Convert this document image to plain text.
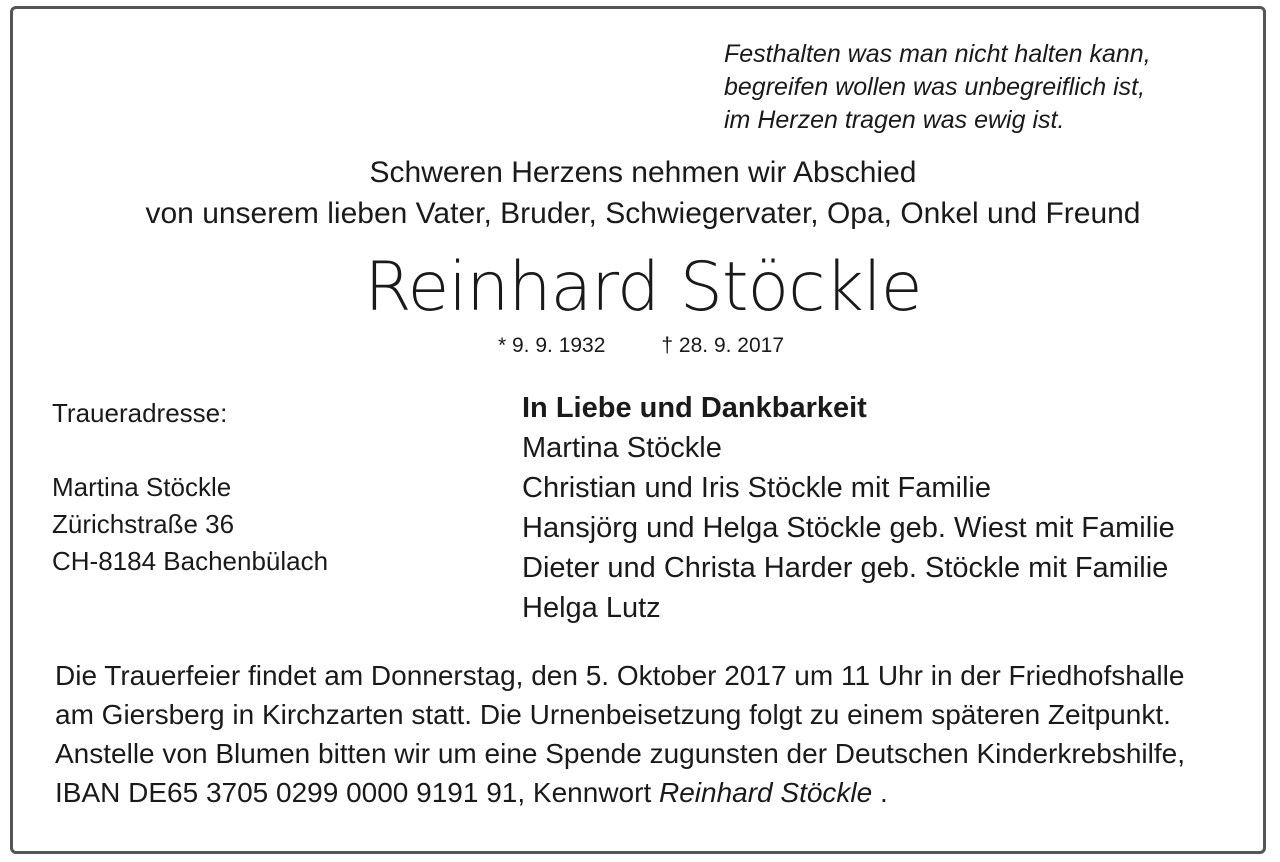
Festhalten was man nicht halten kann,
begreifen wollen was unbegreiflich ist,
im Herzen tragen was ewig ist.
Schweren Herzens nehmen wir Abschied
von unserem lieben Vater, Bruder, Schwiegervater, Opa, Onkel und Freund
Reinhard Stöckle
* 9. 9. 1932	† 28. 9. 2017
Traueradresse:
Martina Stöckle
Zürichstraße 36
CH-8184 Bachenbülach
In Liebe und Dankbarkeit
Martina Stöckle
Christian und Iris Stöckle mit Familie
Hansjörg und Helga Stöckle geb. Wiest mit Familie
Dieter und Christa Harder geb. Stöckle mit Familie
Helga Lutz
Die Trauerfeier findet am Donnerstag, den 5. Oktober 2017 um 11 Uhr in der Friedhofshalle
am Giersberg in Kirchzarten statt. Die Urnenbeisetzung folgt zu einem späteren Zeitpunkt.
Anstelle von Blumen bitten wir um eine Spende zugunsten der Deutschen Kinderkrebshilfe,
IBAN DE65 3705 0299 0000 9191 91, Kennwort Reinhard Stöckle .
